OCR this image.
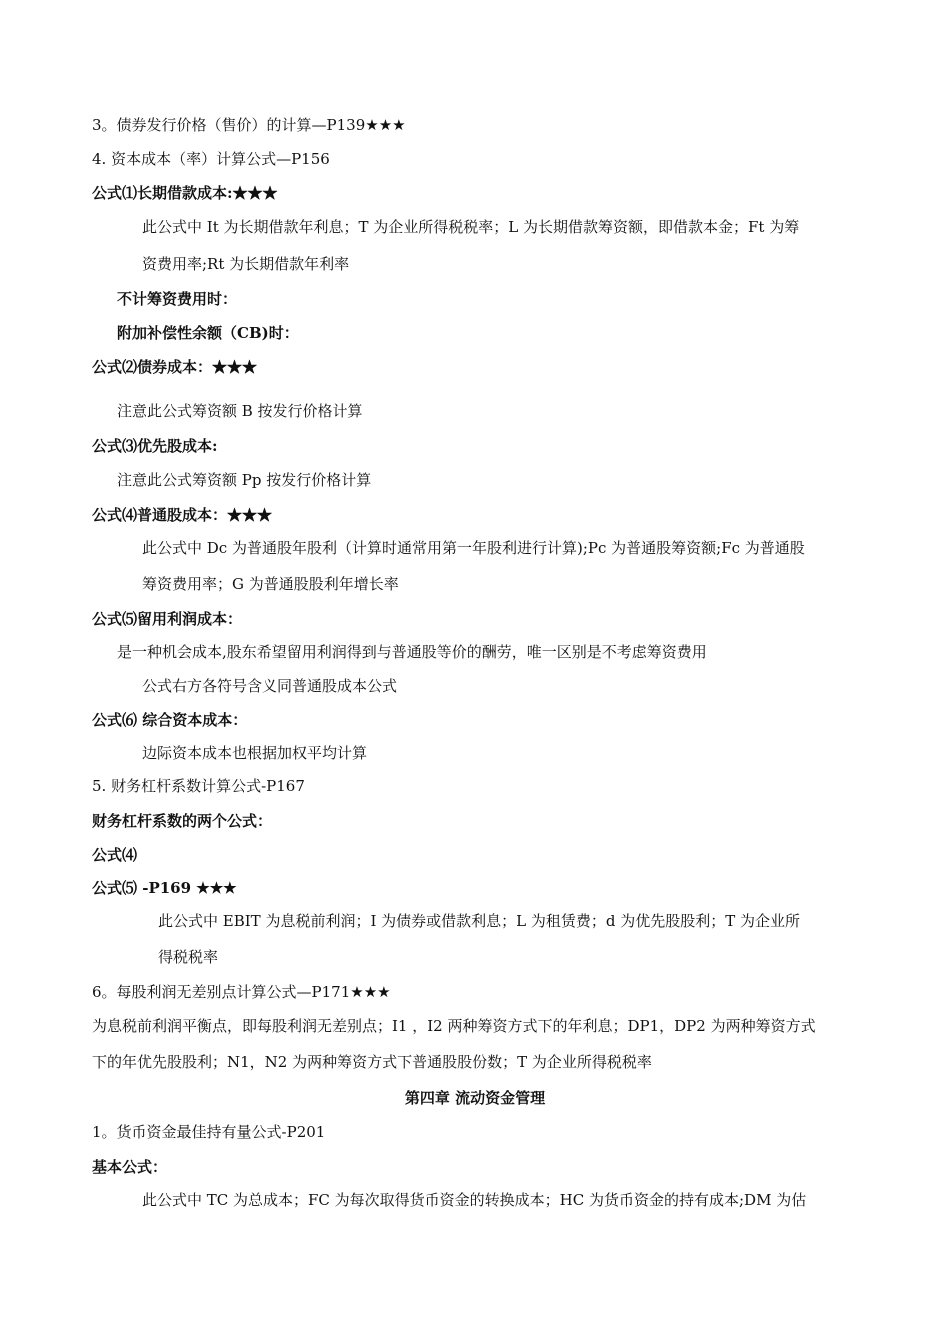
3。债券发行价格（售价）的计算—P139★★★
4. 资本成本（率）计算公式—P156
公式⑴长期借款成本:★★★
此公式中 It 为长期借款年利息；T 为企业所得税税率；L 为长期借款筹资额，即借款本金；Ft 为筹
资费用率;Rt 为长期借款年利率
不计筹资费用时：
附加补偿性余额（CB)时：
公式⑵债券成本：★★★
注意此公式筹资额 B 按发行价格计算
公式⑶优先股成本:
注意此公式筹资额 Pp 按发行价格计算
公式⑷普通股成本：★★★
此公式中 Dc 为普通股年股利（计算时通常用第一年股利进行计算);Pc 为普通股筹资额;Fc 为普通股
筹资费用率；G 为普通股股利年增长率
公式⑸留用利润成本：
是一种机会成本,股东希望留用利润得到与普通股等价的酬劳，唯一区别是不考虑筹资费用
公式右方各符号含义同普通股成本公式
公式⑹ 综合资本成本：
边际资本成本也根据加权平均计算
5. 财务杠杆系数计算公式-P167
财务杠杆系数的两个公式：
公式⑷
公式⑸ -P169 ★★★
此公式中 EBIT 为息税前利润；I 为债券或借款利息；L 为租赁费；d 为优先股股利；T 为企业所
得税税率
6。每股利润无差别点计算公式—P171★★★
为息税前利润平衡点，即每股利润无差别点；I1 ，I2 两种筹资方式下的年利息；DP1，DP2 为两种筹资方式
下的年优先股股利；N1，N2 为两种筹资方式下普通股股份数；T 为企业所得税税率
第四章 流动资金管理
1。货币资金最佳持有量公式-P201
基本公式：
此公式中 TC 为总成本；FC 为每次取得货币资金的转换成本；HC 为货币资金的持有成本;DM 为估
